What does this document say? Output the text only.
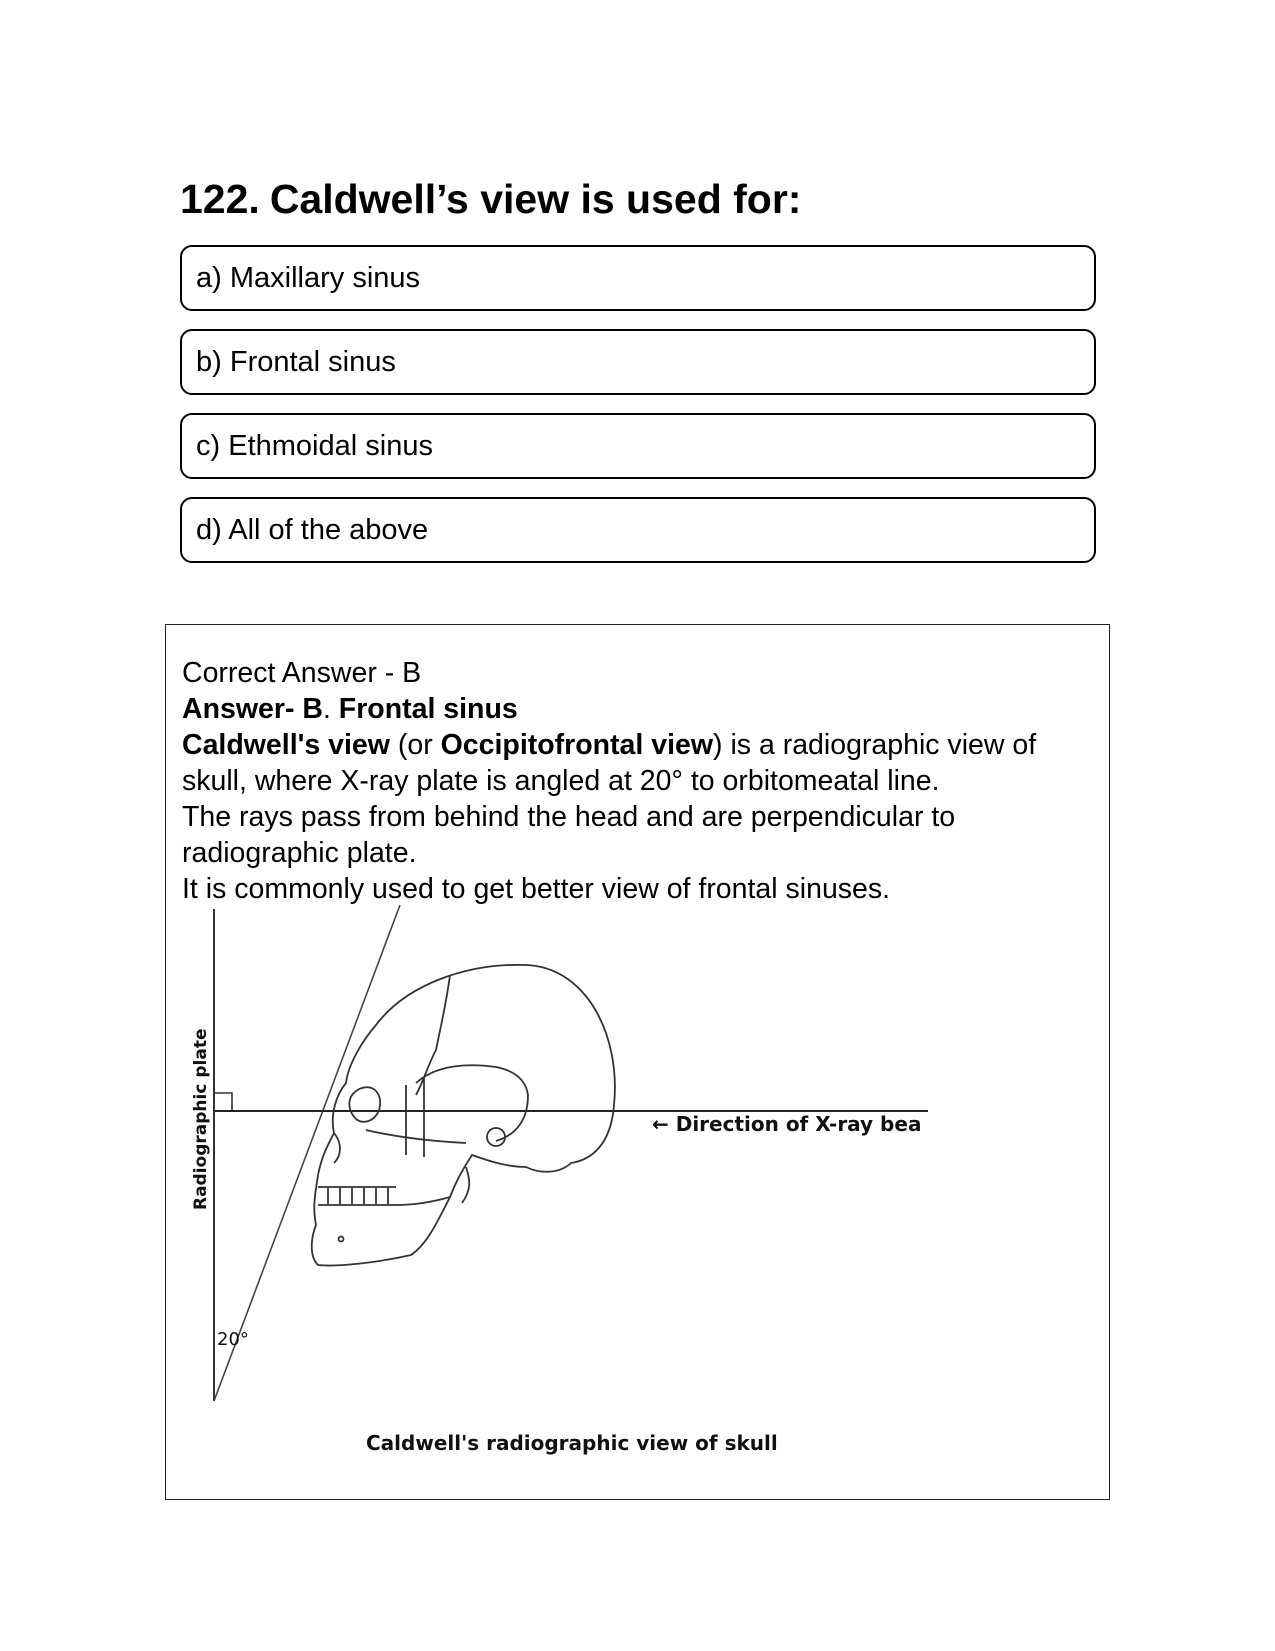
122. Caldwell’s view is used for:
a) Maxillary sinus
b) Frontal sinus
c) Ethmoidal sinus
d) All of the above

Correct Answer - B

Answer- B. Frontal sinus

Caldwell's view (or Occipitofrontal view) is a radiographic view of skull, where X-ray plate is angled at 20° to orbitomeatal line.

The rays pass from behind the head and are perpendicular to radiographic plate.

It is commonly used to get better view of frontal sinuses.

Radiographic plate	← Direction of X-ray bea
20°
Caldwell's radiographic view of skull
